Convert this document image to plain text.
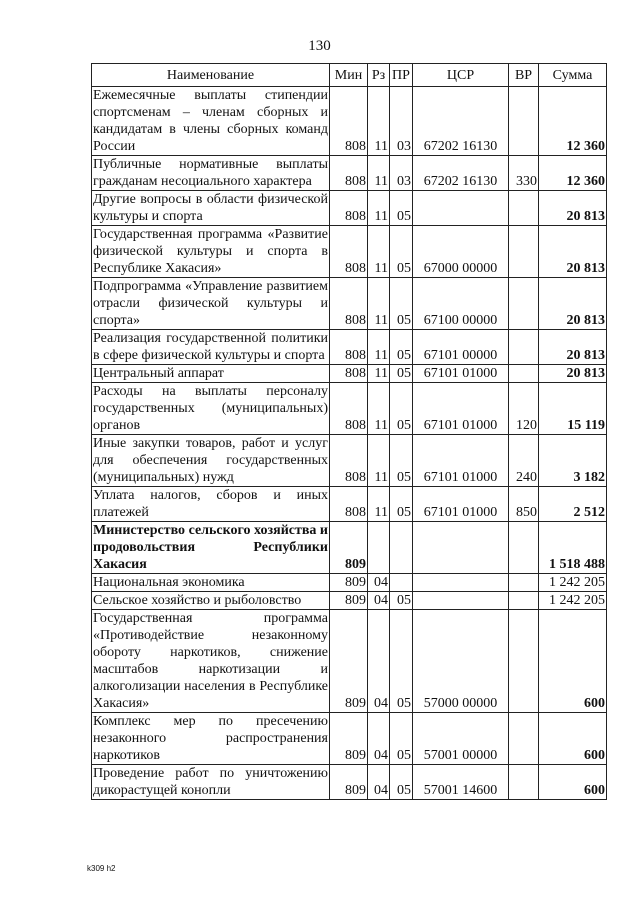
130
Наименование	Мин	Рз	ПР	ЦСР	ВР	Сумма
Ежемесячные выплаты стипендии спортсменам – членам сборных и кандидатам в члены сборных команд России	808	11	03	67202 16130		12 360
Публичные нормативные выплаты гражданам несоциального характера	808	11	03	67202 16130	330	12 360
Другие вопросы в области физической культуры и спорта	808	11	05			20 813
Государственная программа «Развитие физической культуры и спорта в Республике Хакасия»	808	11	05	67000 00000		20 813
Подпрограмма «Управление развитием отрасли физической культуры и спорта»	808	11	05	67100 00000		20 813
Реализация государственной политики в сфере физической культуры и спорта	808	11	05	67101 00000		20 813
Центральный аппарат	808	11	05	67101 01000		20 813
Расходы на выплаты персоналу государственных (муниципальных) органов	808	11	05	67101 01000	120	15 119
Иные закупки товаров, работ и услуг для обеспечения государственных (муниципальных) нужд	808	11	05	67101 01000	240	3 182
Уплата налогов, сборов и иных платежей	808	11	05	67101 01000	850	2 512
Министерство сельского хозяйства и продовольствия Республики Хакасия	809					1 518 488
Национальная экономика	809	04				1 242 205
Сельское хозяйство и рыболовство	809	04	05			1 242 205
Государственная программа «Противодействие незаконному обороту наркотиков, снижение масштабов наркотизации и алкоголизации населения в Республике Хакасия»	809	04	05	57000 00000		600
Комплекс мер по пресечению незаконного распространения наркотиков	809	04	05	57001 00000		600
Проведение работ по уничтожению дикорастущей конопли	809	04	05	57001 14600		600
k309 h2
